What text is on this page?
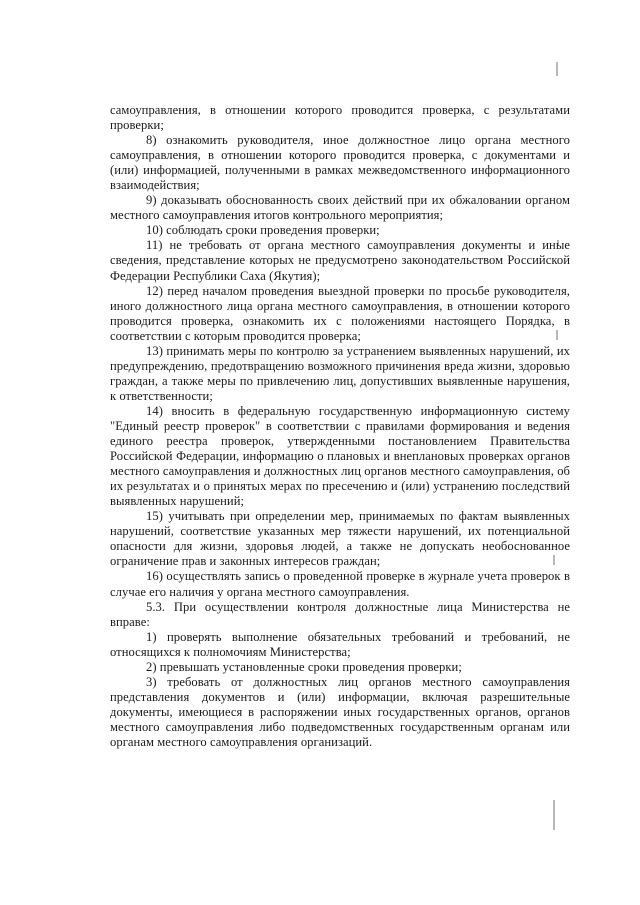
самоуправления, в отношении которого проводится проверка, с результатами проверки;

8) ознакомить руководителя, иное должностное лицо органа местного самоуправления, в отношении которого проводится проверка, с документами и (или) информацией, полученными в рамках межведомственного информационного взаимодействия;

9) доказывать обоснованность своих действий при их обжаловании органом местного самоуправления итогов контрольного мероприятия;

10) соблюдать сроки проведения проверки;

11) не требовать от органа местного самоуправления документы и иные сведения, представление которых не предусмотрено законодательством Российской Федерации Республики Саха (Якутия);

12) перед началом проведения выездной проверки по просьбе руководителя, иного должностного лица органа местного самоуправления, в отношении которого проводится проверка, ознакомить их с положениями настоящего Порядка, в соответствии с которым проводится проверка;

13) принимать меры по контролю за устранением выявленных нарушений, их предупреждению, предотвращению возможного причинения вреда жизни, здоровью граждан, а также меры по привлечению лиц, допустивших выявленные нарушения, к ответственности;

14) вносить в федеральную государственную информационную систему "Единый реестр проверок" в соответствии с правилами формирования и ведения единого реестра проверок, утвержденными постановлением Правительства Российской Федерации, информацию о плановых и внеплановых проверках органов местного самоуправления и должностных лиц органов местного самоуправления, об их результатах и о принятых мерах по пресечению и (или) устранению последствий выявленных нарушений;

15) учитывать при определении мер, принимаемых по фактам выявленных нарушений, соответствие указанных мер тяжести нарушений, их потенциальной опасности для жизни, здоровья людей, а также не допускать необоснованное ограничение прав и законных интересов граждан;

16) осуществлять запись о проведенной проверке в журнале учета проверок в случае его наличия у органа местного самоуправления.

5.3. При осуществлении контроля должностные лица Министерства не вправе:

1) проверять выполнение обязательных требований и требований, не относящихся к полномочиям Министерства;

2) превышать установленные сроки проведения проверки;

3) требовать от должностных лиц органов местного самоуправления представления документов и (или) информации, включая разрешительные документы, имеющиеся в распоряжении иных государственных органов, органов местного самоуправления либо подведомственных государственным органам или органам местного самоуправления организаций.
